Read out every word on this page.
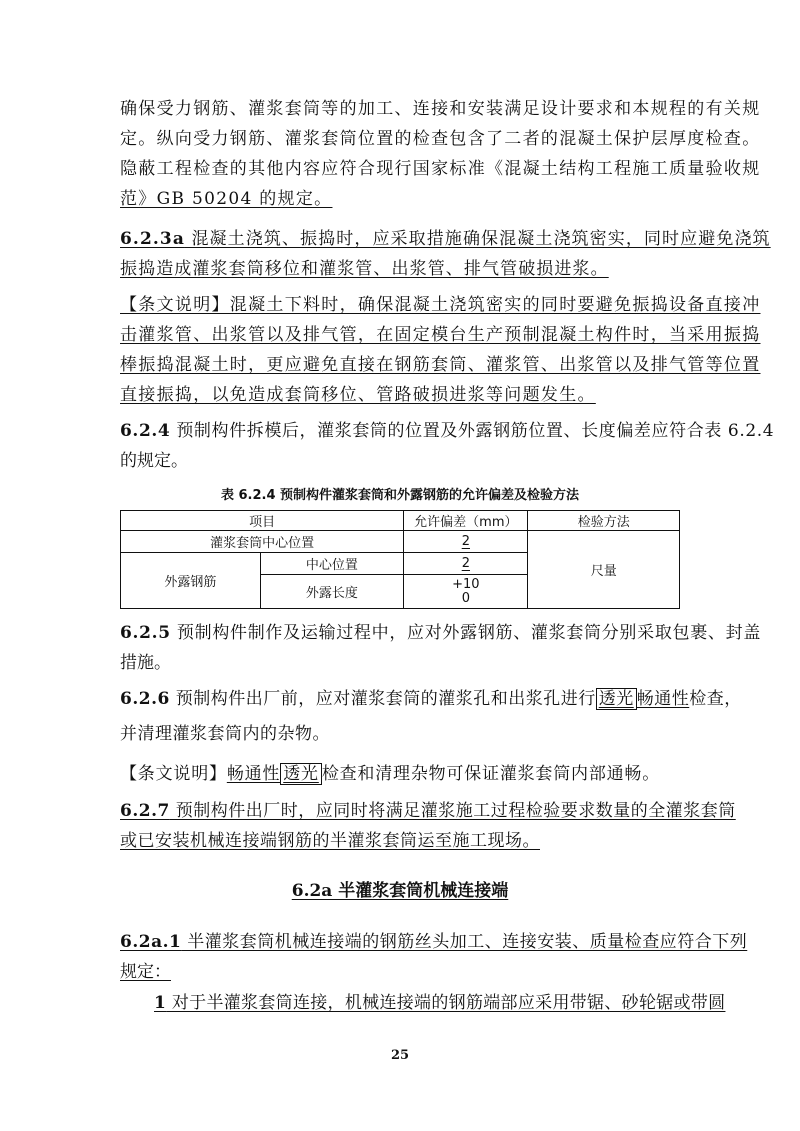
确保受力钢筋、灌浆套筒等的加工、连接和安装满足设计要求和本规程的有关规
定。纵向受力钢筋、灌浆套筒位置的检查包含了二者的混凝土保护层厚度检查。
隐蔽工程检查的其他内容应符合现行国家标准《混凝土结构工程施工质量验收规
范》GB 50204 的规定。
6.2.3a 混凝土浇筑、振捣时，应采取措施确保混凝土浇筑密实，同时应避免浇筑
振捣造成灌浆套筒移位和灌浆管、出浆管、排气管破损进浆。
【条文说明】混凝土下料时，确保混凝土浇筑密实的同时要避免振捣设备直接冲
击灌浆管、出浆管以及排气管，在固定模台生产预制混凝土构件时，当采用振捣
棒振捣混凝土时，更应避免直接在钢筋套筒、灌浆管、出浆管以及排气管等位置
直接振捣，以免造成套筒移位、管路破损进浆等问题发生。
6.2.4 预制构件拆模后，灌浆套筒的位置及外露钢筋位置、长度偏差应符合表 6.2.4
的规定。
表 6.2.4 预制构件灌浆套筒和外露钢筋的允许偏差及检验方法
项目		允许偏差（mm）	检验方法
灌浆套筒中心位置		2	尺量
外露钢筋	中心位置	2	
	外露长度	+10
0	
6.2.5 预制构件制作及运输过程中，应对外露钢筋、灌浆套筒分别采取包裹、封盖
措施。
6.2.6 预制构件出厂前，应对灌浆套筒的灌浆孔和出浆孔进行 透光 畅通性检查，
并清理灌浆套筒内的杂物。
【条文说明】畅通性 透光 检查和清理杂物可保证灌浆套筒内部通畅。
6.2.7 预制构件出厂时，应同时将满足灌浆施工过程检验要求数量的全灌浆套筒
或已安装机械连接端钢筋的半灌浆套筒运至施工现场。
6.2a 半灌浆套筒机械连接端
6.2a.1 半灌浆套筒机械连接端的钢筋丝头加工、连接安装、质量检查应符合下列
规定：
1 对于半灌浆套筒连接，机械连接端的钢筋端部应采用带锯、砂轮锯或带圆
25
